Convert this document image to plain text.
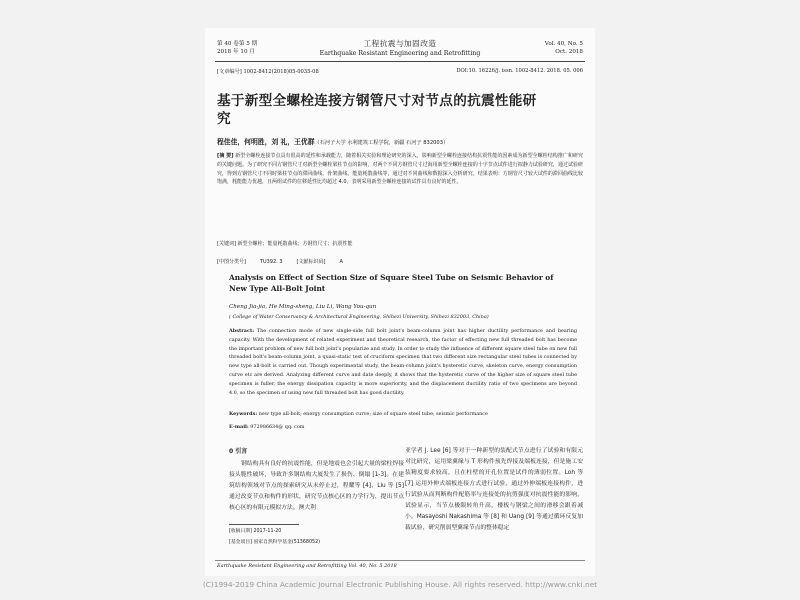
第 40 卷第 5 期
2018 年 10 月
工程抗震与加固改造
Earthquake Resistant Engineering and Retrofitting
Vol. 40, No. 5
Oct. 2018
[文章编号] 1002-8412(2018)05-0035-08	DOI:10. 16226/j. issn. 1002-8412. 2018. 05. 006
基于新型全螺栓连接方钢管尺寸对节点的抗震性能研究
程佳佳，何明胜，刘 礼，王优群（石河子大学 水利建筑工程学院，新疆 石河子 832003）
[摘 要] 新型全螺栓连接节点具有很高的延性和承载能力，随着相关实验和理论研究的深入，影响新型全螺栓连接结构抗震性能的因素成为新型全螺栓结构推广和研究的关键问题。为了研究不同方钢管尺寸对新型全螺栓梁柱节点的影响，对两个不同方钢管尺寸过海用新型全螺栓连接的十字节点试件进行拟静力试验研究，通过试验研究，得到方钢管尺寸不同时梁柱节点的滞回曲线、骨架曲线、能量耗散曲线等，通过对不同曲线和数据深入分析研究。结果表明：方钢管尺寸较大试件的滞回曲线比较饱满，耗能能力优越，且两组试件的位移延性比均超过 4.0，表明采用新型全螺栓连接的试件具有良好的延性。
[关键词] 新型全螺栓；能量耗散曲线；方钢管尺寸；抗震性能
[中图分类号]	TU392. 3	[文献标识码]	A
Analysis on Effect of Section Size of Square Steel Tube on Seismic Behavior of New Type All-Bolt Joint
Cheng Jia-jia, He Ming-sheng, Liu Li, Wang You-qun
( College of Water Conservancy & Architectural Engineering, Shihezi University, Shihezi 832003, China)
Abstract: The connection mode of new single-side full bolt joint's beam-column joint has higher ductility performance and bearing capacity. With the development of related experiment and theoretical research, the factor of effecting new full threaded bolt has become the important problem of new full bolt joint's popularize and study. In order to study the influence of different square steel tube on new full threaded bolt's beam-column joint, a quasi-static test of cruciform specimen that two different size rectangular steel tubes is connected by new type all-bolt is carried out. Though experimental study, the beam-column joint's hysteretic curve, skeleton curve, energy consumption curve etc are derived. Analyzing different curve and date deeply, it shows that the hysteretic curve of the higher size of square steel tube specimen is fuller, the energy dissipation capacity is more superiority, and the displacement ductility ratio of two specimens are beyond 4.0, so the specimen of using new full threaded bolt has good ductility.
Keywords: new type all-bolt; energy consumption curve; size of square steel tube; seismic performance
E-mail: 972986634@ qq. com
0 引言

钢结构具有良好的抗震性能，但是地震也会引起大量的梁柱焊接接头脆性破坏，导致许多钢结构大厦发生了损伤、倒塌 [1-3]。在建筑结构领域对节点的探索研究从未停止过，程耀等 [4]、Liu 等 [5] 通过改变节点和构件的形状，研究节点核心区的力学行为，提出节点核心区的有限元模拟方法。澳大利

[收稿日期] 2017-11-20
[基金项目] 国家自然科学基金(51368052)

亚学者 J. Lee [6] 等对于一种新型的装配式节点进行了试验和有限元对比研究，运用梁翼缘与 T 形构件预先焊接及端板连接，但是施工安装精度要求较高，且在柱壁的开孔位置是试件的薄弱位置。Loh 等 [7] 运用外伸式端板连接方式进行试验，通过外伸端板连接构件，进行试验从而判断构件配筋率与连接处的抗剪强度对抗震性能的影响，试验显示，当节点极限转角升高，楼板与钢梁之间的滑移会跟着减小。Masayoshi Nakashima 等 [8] 和 Uang [9] 等通过循环反复加载试验，研究削弱型翼缘节点的整体稳定

Earthquake Resistant Engineering and Retrofitting Vol. 40, No. 5 2018
(C)1994-2019 China Academic Journal Electronic Publishing House. All rights reserved. http://www.cnki.net
